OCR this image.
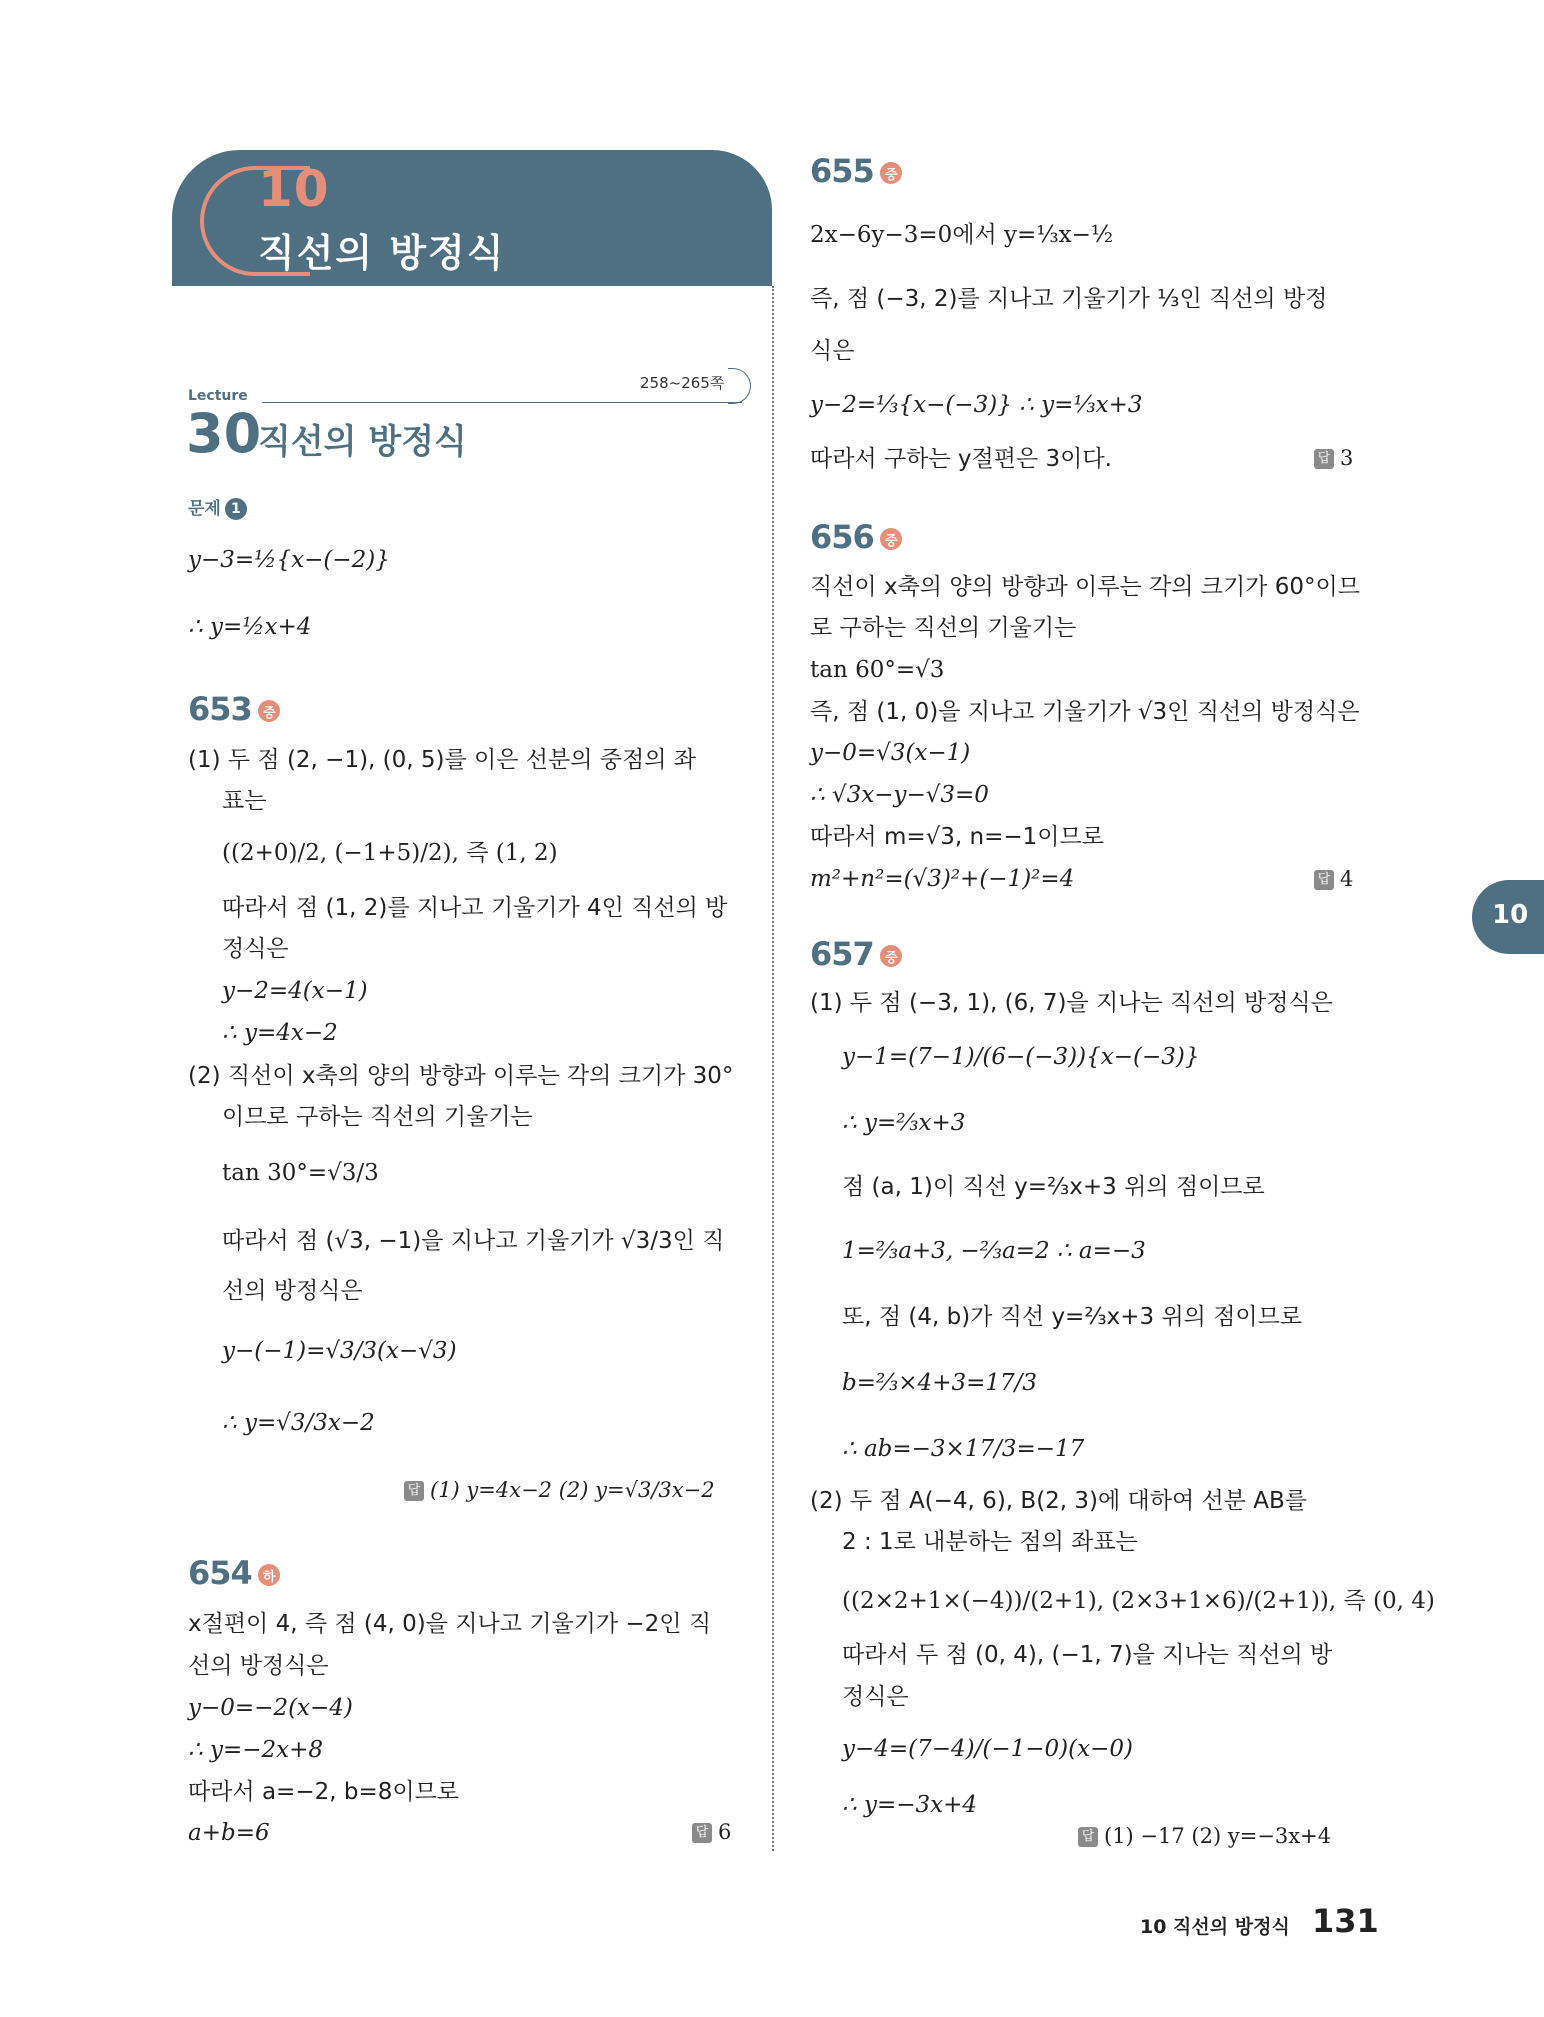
10
직선의 방정식
Lecture
258~265쪽
30
직선의 방정식
문제 1
y−3=½{x−(−2)}
∴ y=½x+4
653 중
(1) 두 점 (2, −1), (0, 5)를 이은 선분의 중점의 좌
표는
((2+0)/2, (−1+5)/2), 즉 (1, 2)
따라서 점 (1, 2)를 지나고 기울기가 4인 직선의 방
정식은
y−2=4(x−1)
∴ y=4x−2
(2) 직선이 x축의 양의 방향과 이루는 각의 크기가 30°
이므로 구하는 직선의 기울기는
tan 30°=√3/3
따라서 점 (√3, −1)을 지나고 기울기가 √3/3인 직
선의 방정식은
y−(−1)=√3/3(x−√3)
∴ y=√3/3x−2
답 (1) y=4x−2 (2) y=√3/3x−2
654 하
x절편이 4, 즉 점 (4, 0)을 지나고 기울기가 −2인 직
선의 방정식은
y−0=−2(x−4)
∴ y=−2x+8
따라서 a=−2, b=8이므로
a+b=6	답 6
655 중
2x−6y−3=0에서 y=⅓x−½
즉, 점 (−3, 2)를 지나고 기울기가 ⅓인 직선의 방정
식은
y−2=⅓{x−(−3)} ∴ y=⅓x+3
따라서 구하는 y절편은 3이다.	답 3
656 중
직선이 x축의 양의 방향과 이루는 각의 크기가 60°이므
로 구하는 직선의 기울기는
tan 60°=√3
즉, 점 (1, 0)을 지나고 기울기가 √3인 직선의 방정식은
y−0=√3(x−1)
∴ √3x−y−√3=0
따라서 m=√3, n=−1이므로
m²+n²=(√3)²+(−1)²=4	답 4
657 중
(1) 두 점 (−3, 1), (6, 7)을 지나는 직선의 방정식은
y−1=(7−1)/(6−(−3)){x−(−3)}
∴ y=⅔x+3
점 (a, 1)이 직선 y=⅔x+3 위의 점이므로
1=⅔a+3, −⅔a=2 ∴ a=−3
또, 점 (4, b)가 직선 y=⅔x+3 위의 점이므로
b=⅔×4+3=17/3
∴ ab=−3×17/3=−17
(2) 두 점 A(−4, 6), B(2, 3)에 대하여 선분 AB를
2 : 1로 내분하는 점의 좌표는
((2×2+1×(−4))/(2+1), (2×3+1×6)/(2+1)), 즉 (0, 4)
따라서 두 점 (0, 4), (−1, 7)을 지나는 직선의 방
정식은
y−4=(7−4)/(−1−0)(x−0)
∴ y=−3x+4
답 (1) −17 (2) y=−3x+4
10
10 직선의 방정식 131
